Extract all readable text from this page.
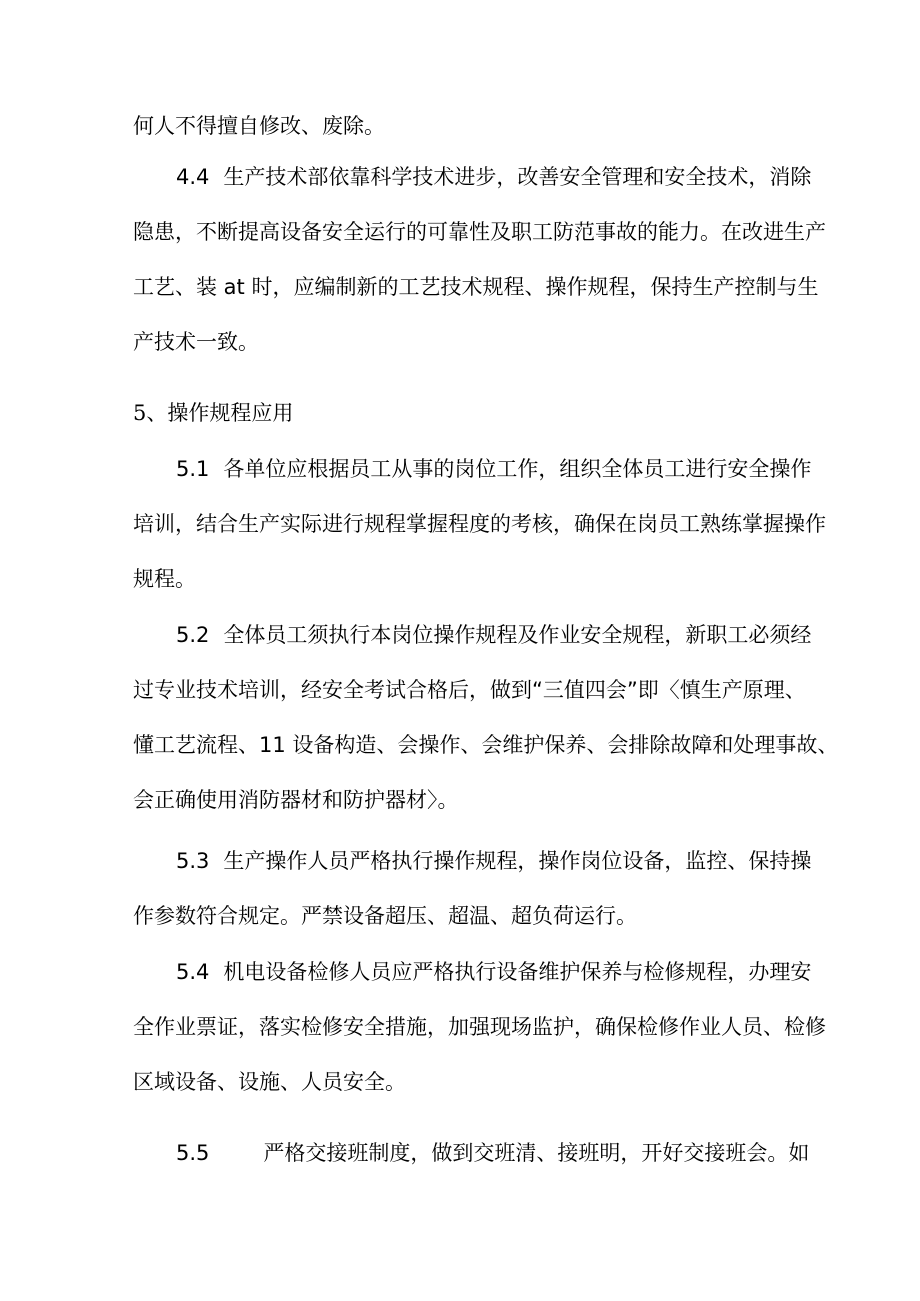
何人不得擅自修改、废除。
4.4 生产技术部依靠科学技术进步，改善安全管理和安全技术，消除
隐患，不断提高设备安全运行的可靠性及职工防范事故的能力。在改进生产
工艺、装 at 时，应编制新的工艺技术规程、操作规程，保持生产控制与生
产技术一致。
5、操作规程应用
5.1 各单位应根据员工从事的岗位工作，组织全体员工进行安全操作
培训，结合生产实际进行规程掌握程度的考核，确保在岗员工熟练掌握操作
规程。
5.2 全体员工须执行本岗位操作规程及作业安全规程，新职工必须经
过专业技术培训，经安全考试合格后，做到“三值四会”即〈慎生产原理、
懂工艺流程、11 设备构造、会操作、会维护保养、会排除故障和处理事故、
会正确使用消防器材和防护器材〉。
5.3 生产操作人员严格执行操作规程，操作岗位设备，监控、保持操
作参数符合规定。严禁设备超压、超温、超负荷运行。
5.4 机电设备检修人员应严格执行设备维护保养与检修规程，办理安
全作业票证，落实检修安全措施，加强现场监护，确保检修作业人员、检修
区域设备、设施、人员安全。
5.5	严格交接班制度，做到交班清、接班明，开好交接班会。如
